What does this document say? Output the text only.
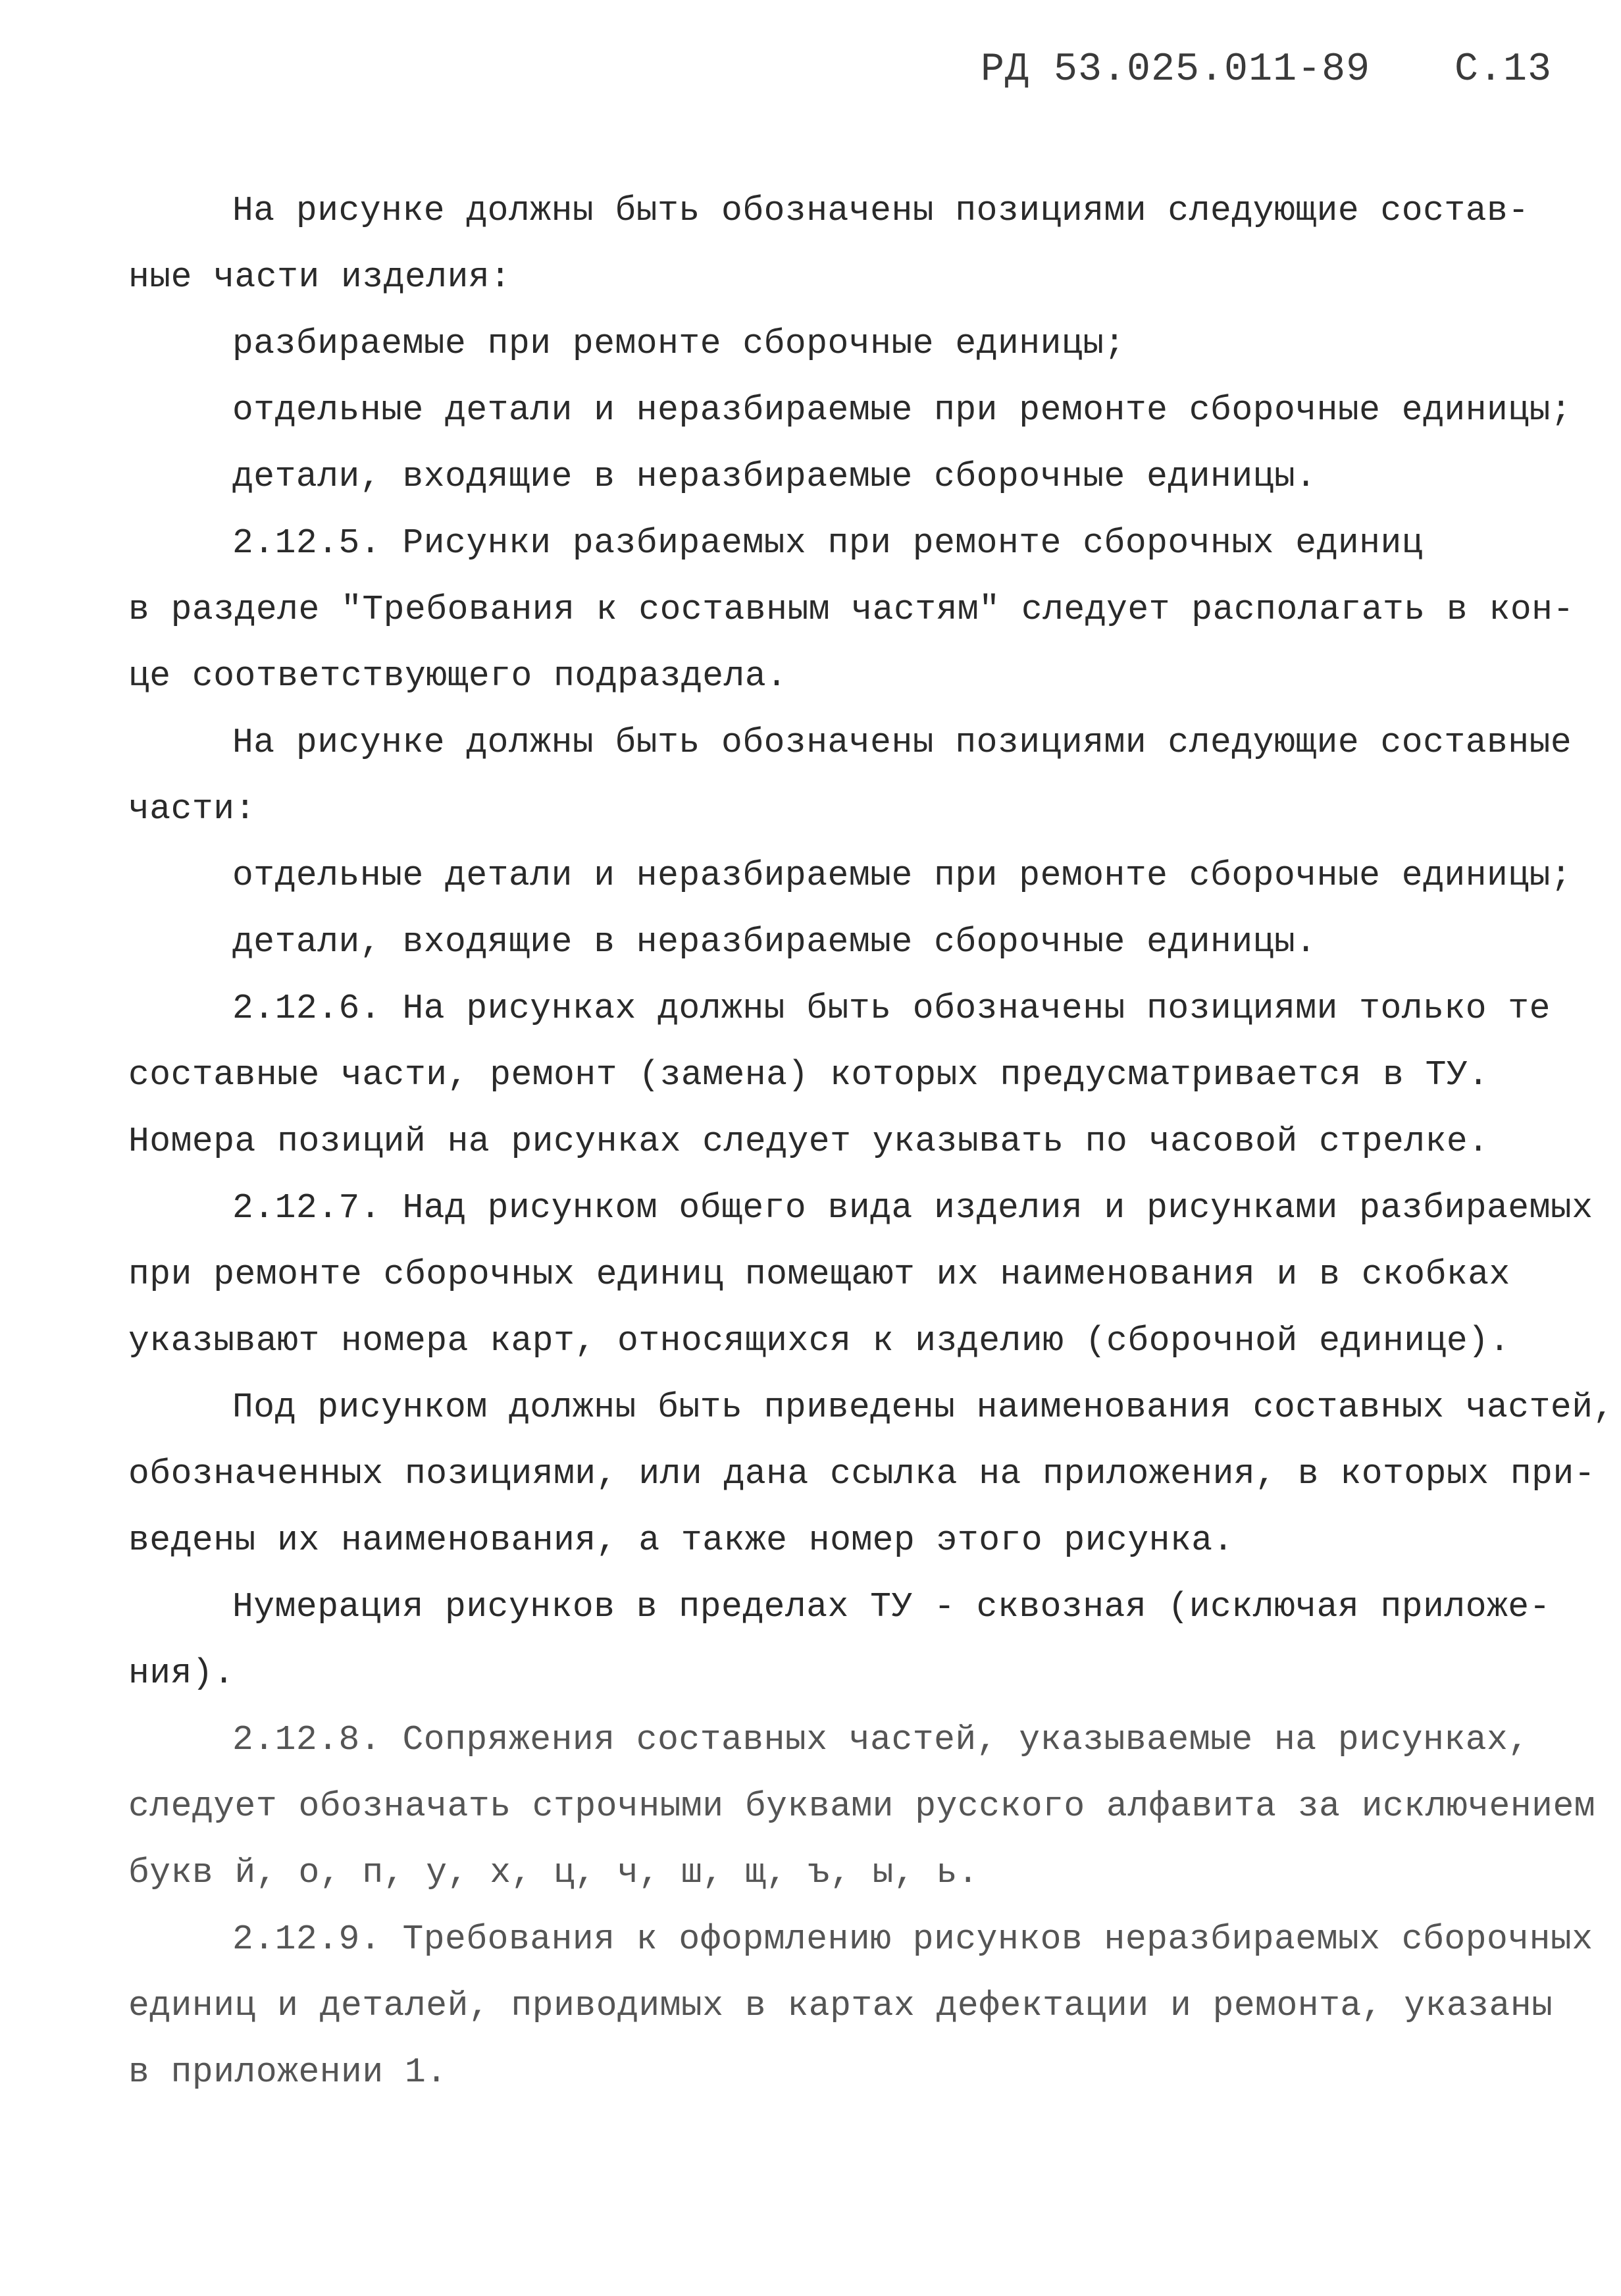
РД 53.025.011-89 С.13
На рисунке должны быть обозначены позициями следующие состав-
ные части изделия:
разбираемые при ремонте сборочные единицы;
отдельные детали и неразбираемые при ремонте сборочные единицы;
детали, входящие в неразбираемые сборочные единицы.
2.12.5. Рисунки разбираемых при ремонте сборочных единиц
в разделе "Требования к составным частям" следует располагать в кон-
це соответствующего подраздела.
На рисунке должны быть обозначены позициями следующие составные
части:
отдельные детали и неразбираемые при ремонте сборочные единицы;
детали, входящие в неразбираемые сборочные единицы.
2.12.6. На рисунках должны быть обозначены позициями только те
составные части, ремонт (замена) которых предусматривается в ТУ.
Номера позиций на рисунках следует указывать по часовой стрелке.
2.12.7. Над рисунком общего вида изделия и рисунками разбираемых
при ремонте сборочных единиц помещают их наименования и в скобках
указывают номера карт, относящихся к изделию (сборочной единице).
Под рисунком должны быть приведены наименования составных частей,
обозначенных позициями, или дана ссылка на приложения, в которых при-
ведены их наименования, а также номер этого рисунка.
Нумерация рисунков в пределах ТУ - сквозная (исключая приложе-
ния).
2.12.8. Сопряжения составных частей, указываемые на рисунках,
следует обозначать строчными буквами русского алфавита за исключением
букв й, о, п, у, х, ц, ч, ш, щ, ъ, ы, ь.
2.12.9. Требования к оформлению рисунков неразбираемых сборочных
единиц и деталей, приводимых в картах дефектации и ремонта, указаны
в приложении 1.
